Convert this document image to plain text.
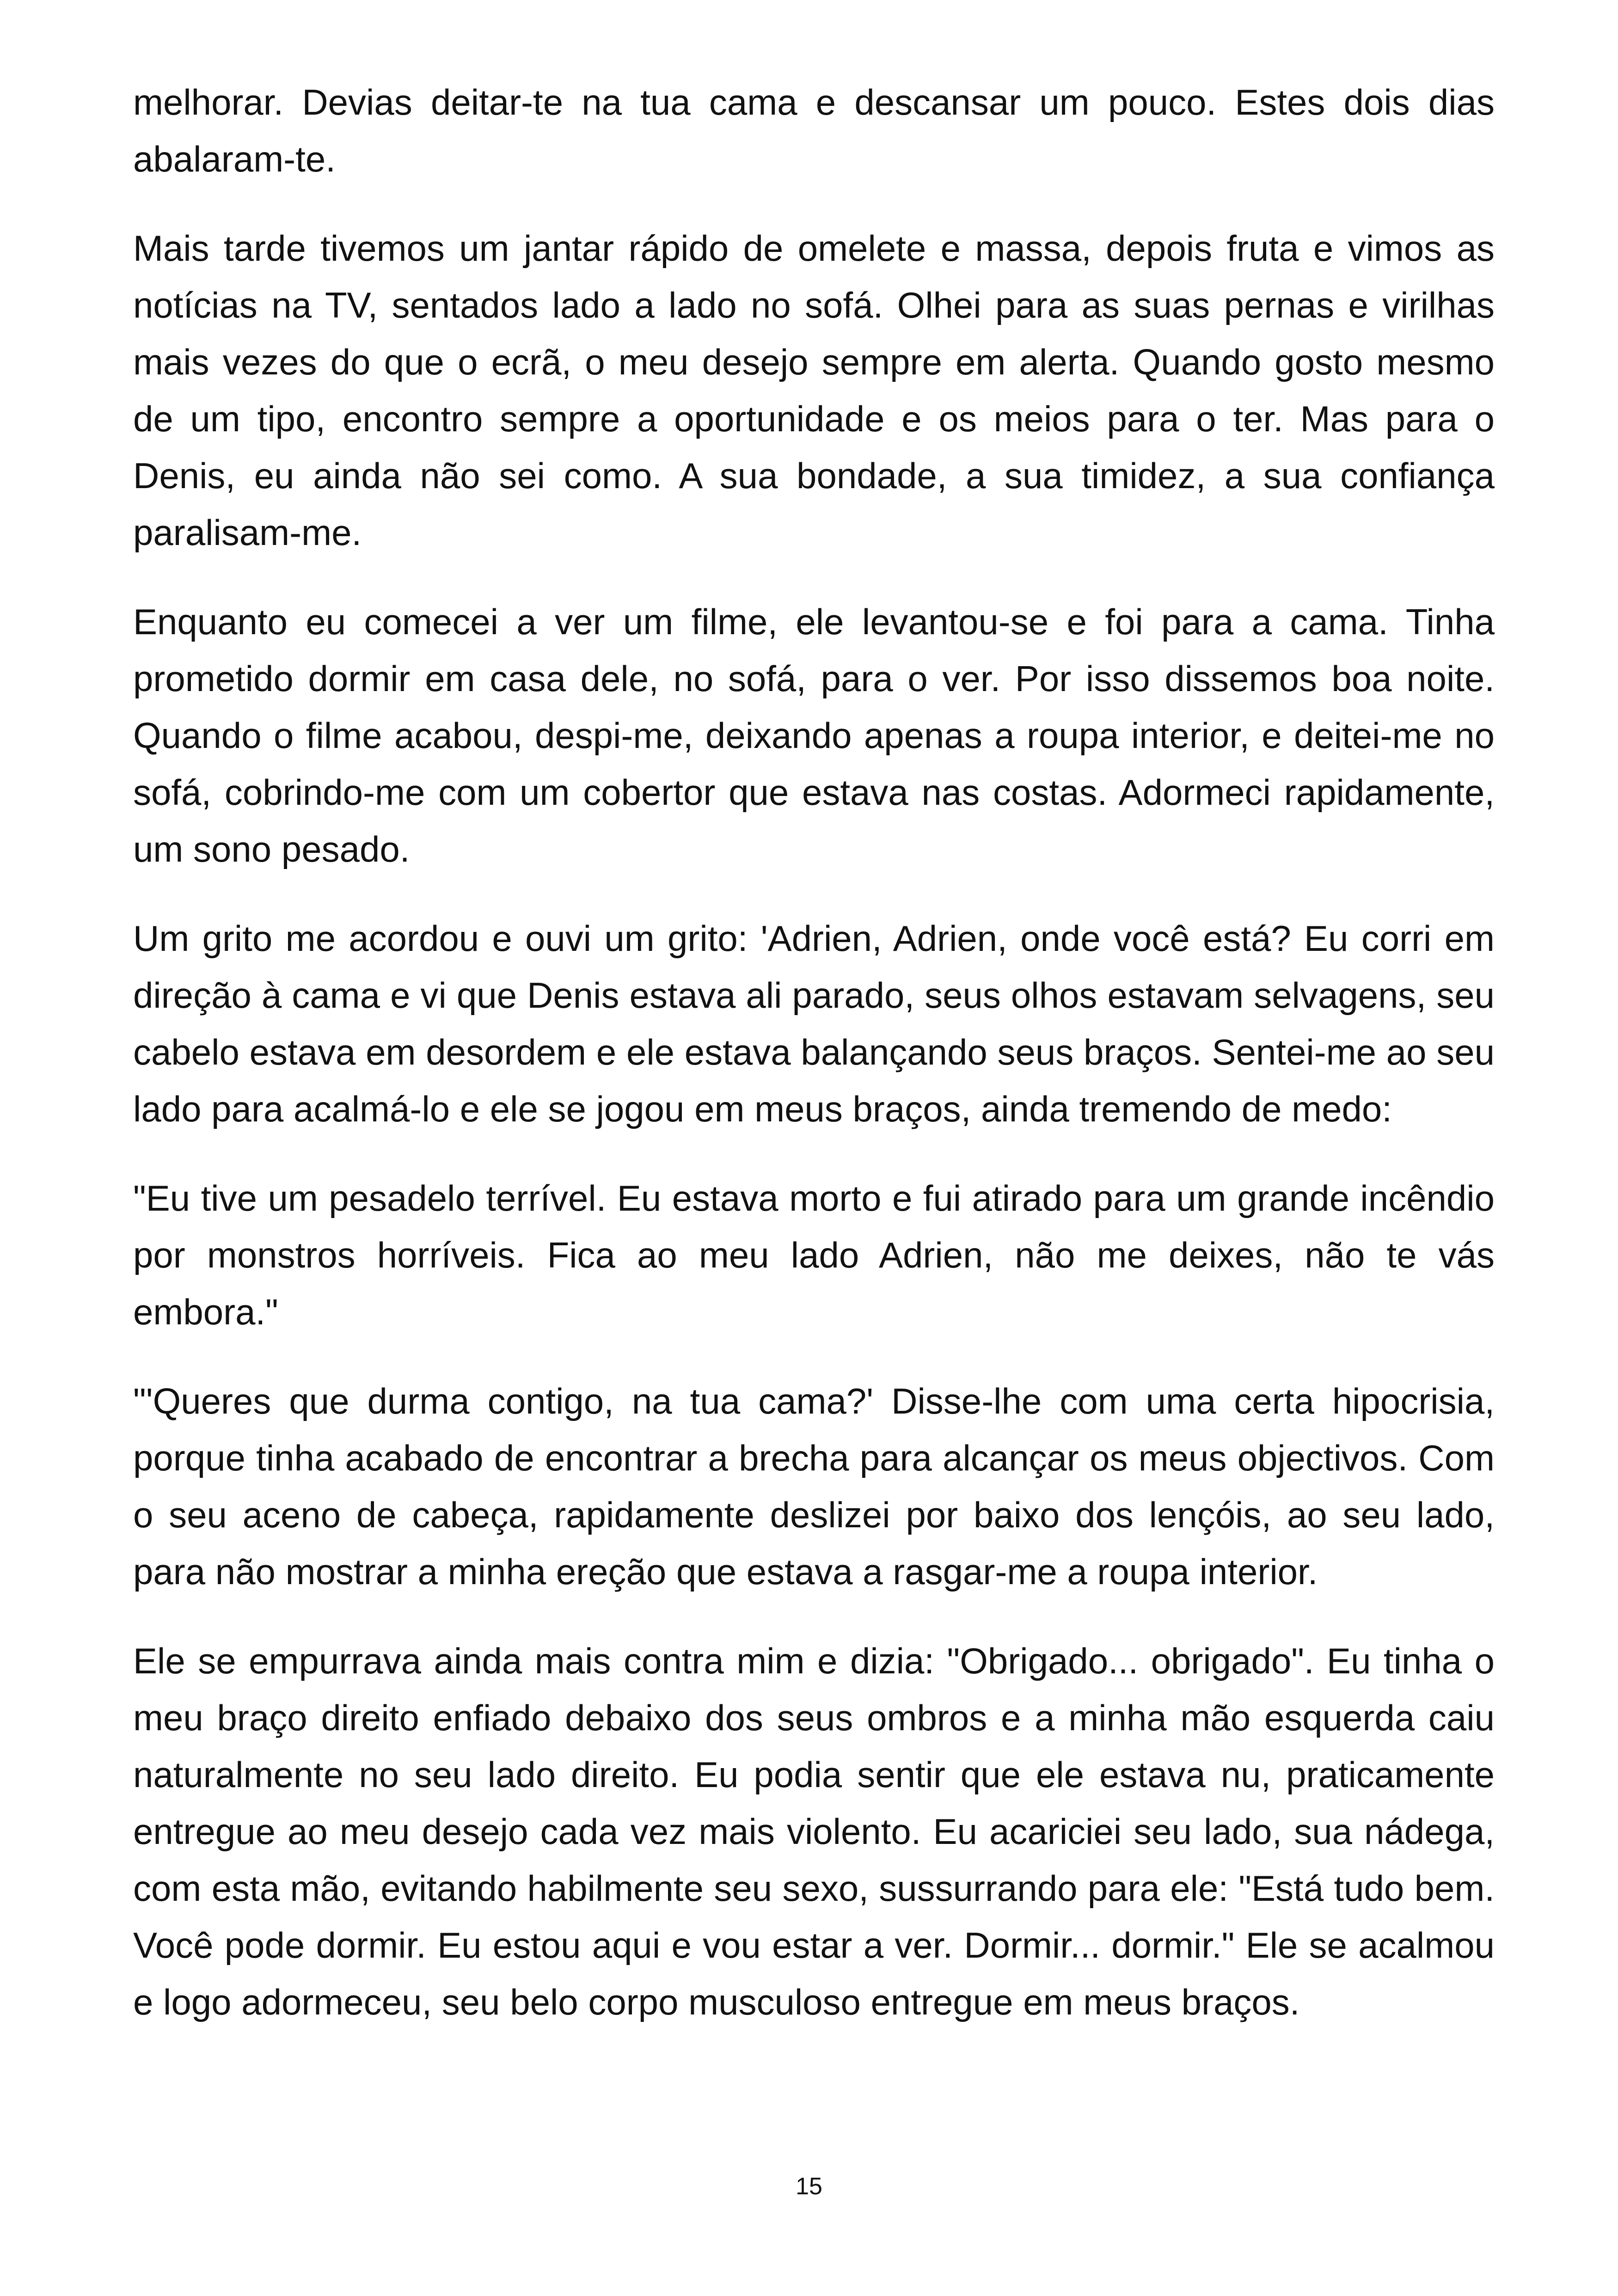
melhorar. Devias deitar-te na tua cama e descansar um pouco. Estes dois dias abalaram-te.

Mais tarde tivemos um jantar rápido de omelete e massa, depois fruta e vimos as notícias na TV, sentados lado a lado no sofá. Olhei para as suas pernas e virilhas mais vezes do que o ecrã, o meu desejo sempre em alerta. Quando gosto mesmo de um tipo, encontro sempre a oportunidade e os meios para o ter. Mas para o Denis, eu ainda não sei como. A sua bondade, a sua timidez, a sua confiança paralisam-me.

Enquanto eu comecei a ver um filme, ele levantou-se e foi para a cama. Tinha prometido dormir em casa dele, no sofá, para o ver. Por isso dissemos boa noite. Quando o filme acabou, despi-me, deixando apenas a roupa interior, e deitei-me no sofá, cobrindo-me com um cobertor que estava nas costas. Adormeci rapidamente, um sono pesado.

Um grito me acordou e ouvi um grito: 'Adrien, Adrien, onde você está? Eu corri em direção à cama e vi que Denis estava ali parado, seus olhos estavam selvagens, seu cabelo estava em desordem e ele estava balançando seus braços. Sentei-me ao seu lado para acalmá-lo e ele se jogou em meus braços, ainda tremendo de medo:

"Eu tive um pesadelo terrível. Eu estava morto e fui atirado para um grande incêndio por monstros horríveis. Fica ao meu lado Adrien, não me deixes, não te vás embora."

"'Queres que durma contigo, na tua cama?' Disse-lhe com uma certa hipocrisia, porque tinha acabado de encontrar a brecha para alcançar os meus objectivos. Com o seu aceno de cabeça, rapidamente deslizei por baixo dos lençóis, ao seu lado, para não mostrar a minha ereção que estava a rasgar-me a roupa interior.

Ele se empurrava ainda mais contra mim e dizia: "Obrigado... obrigado". Eu tinha o meu braço direito enfiado debaixo dos seus ombros e a minha mão esquerda caiu naturalmente no seu lado direito. Eu podia sentir que ele estava nu, praticamente entregue ao meu desejo cada vez mais violento. Eu acariciei seu lado, sua nádega, com esta mão, evitando habilmente seu sexo, sussurrando para ele: "Está tudo bem. Você pode dormir. Eu estou aqui e vou estar a ver. Dormir... dormir." Ele se acalmou e logo adormeceu, seu belo corpo musculoso entregue em meus braços.

15
